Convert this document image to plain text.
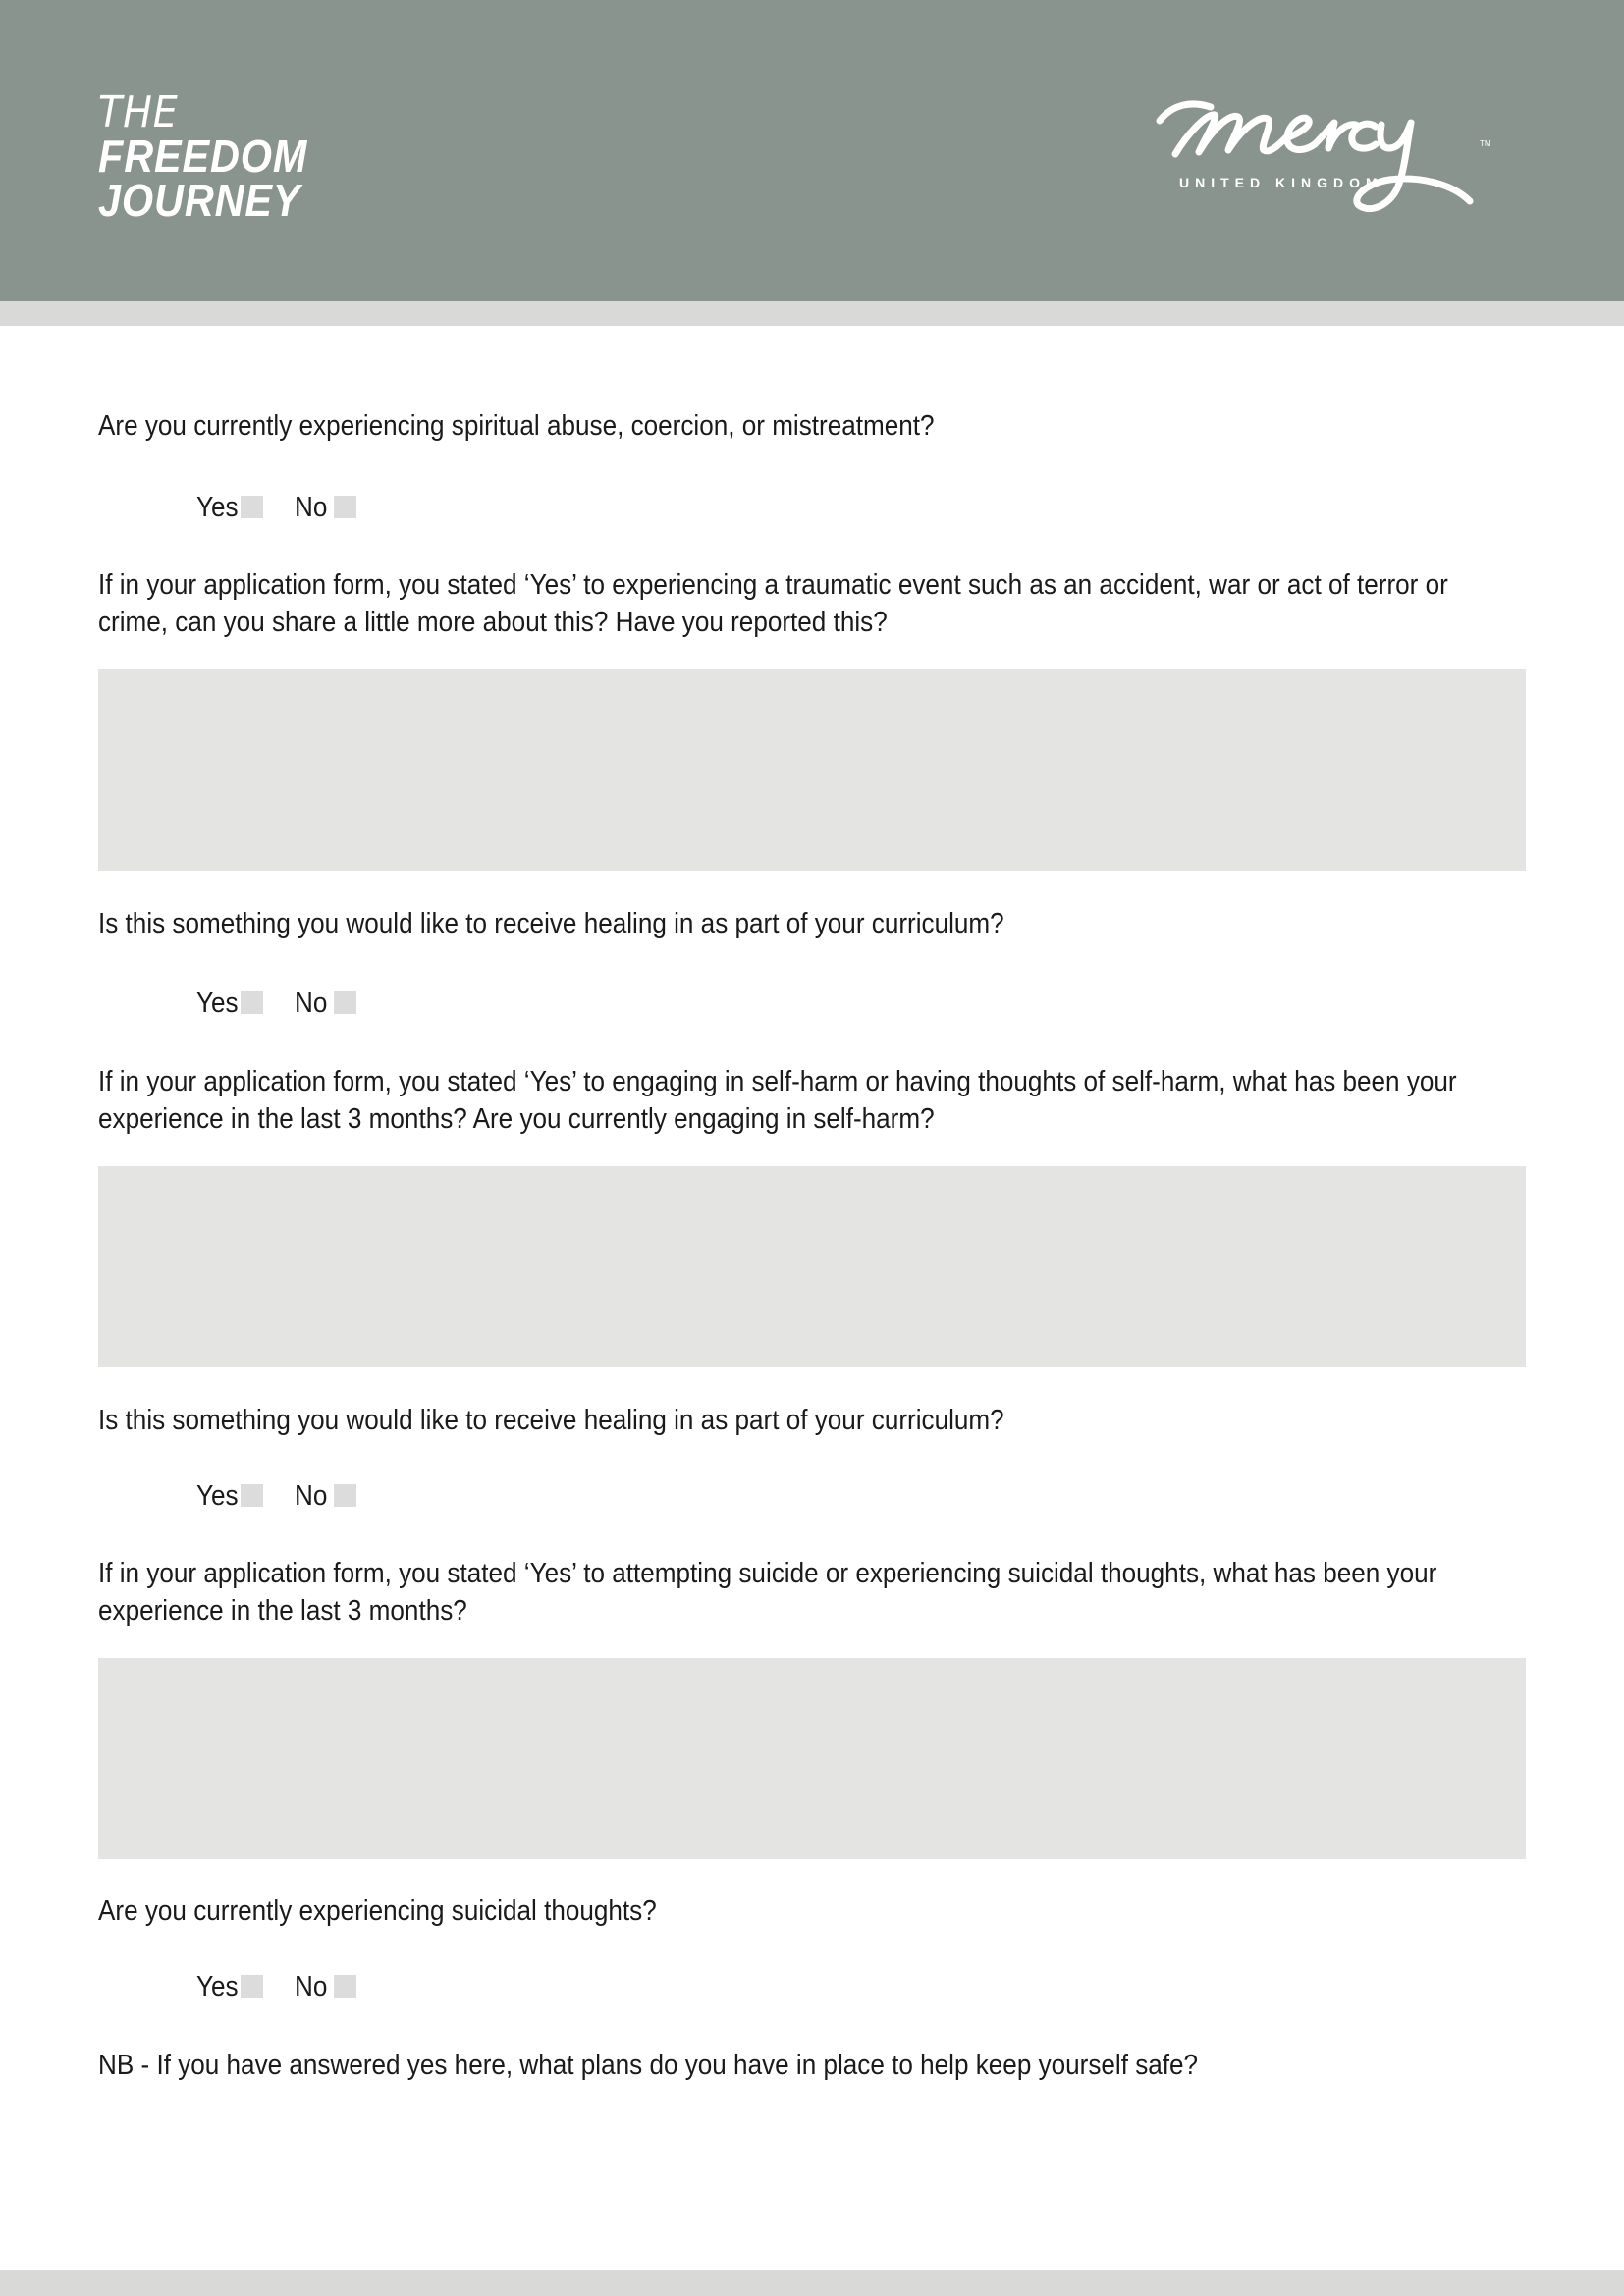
THE
FREEDOM
JOURNEY
TM
UNITED KINGDOM
Are you currently experiencing spiritual abuse, coercion, or mistreatment?
Yes No
If in your application form, you stated ‘Yes’ to experiencing a traumatic event such as an accident, war or act of terror or
crime, can you share a little more about this? Have you reported this?
Is this something you would like to receive healing in as part of your curriculum?
Yes No
If in your application form, you stated ‘Yes’ to engaging in self-harm or having thoughts of self-harm, what has been your
experience in the last 3 months? Are you currently engaging in self-harm?
Is this something you would like to receive healing in as part of your curriculum?
Yes No
If in your application form, you stated ‘Yes’ to attempting suicide or experiencing suicidal thoughts, what has been your
experience in the last 3 months?
Are you currently experiencing suicidal thoughts?
Yes No
NB - If you have answered yes here, what plans do you have in place to help keep yourself safe?
